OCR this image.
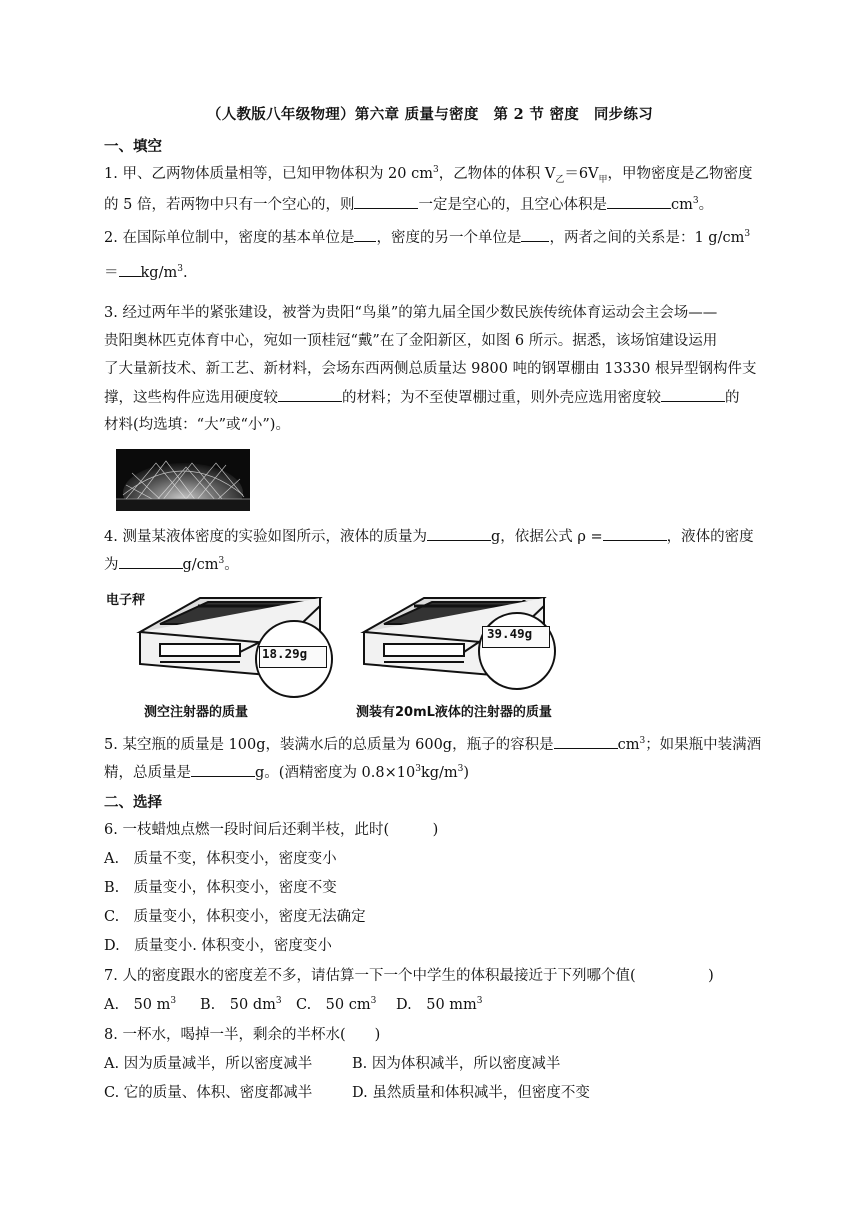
（人教版八年级物理）第六章 质量与密度　第 2 节 密度　同步练习
一、填空
1. 甲、乙两物体质量相等，已知甲物体积为 20 $cm^3$，乙物体的体积 $V_乙=6V_甲$，甲物密度是乙物密度
的 5 倍，若两物中只有一个空心的，则	一定是空心的，且空心体积是	$cm^3$。
2. 在国际单位制中，密度的基本单位是 ，密度的另一个单位是 ，两者之间的关系是：1 $g/cm^3$
＝ $kg/m^3$.
3. 经过两年半的紧张建设，被誉为贵阳“鸟巢”的第九届全国少数民族传统体育运动会主会场——
贵阳奥林匹克体育中心，宛如一顶桂冠“戴”在了金阳新区，如图 6 所示。据悉，该场馆建设运用
了大量新技术、新工艺、新材料，会场东西两侧总质量达 9800 吨的钢罩棚由 13330 根异型钢构件支
撑，这些构件应选用硬度较	的材料；为不至使罩棚过重，则外壳应选用密度较	的
材料(均选填：“大”或“小”)。
4. 测量某液体密度的实验如图所示，液体的质量为	g，依据公式 ρ =	，液体的密度
为	$g/cm^3$。
电子秤
18.29g
测空注射器的质量
39.49g
测装有20mL液体的注射器的质量
5. 某空瓶的质量是 100g，装满水后的总质量为 600g，瓶子的容积是	$cm^3$；如果瓶中装满酒
精，总质量是	g。(酒精密度为 $0.8\times 10^3kg/m^3$)
二、选择
6. 一枝蜡烛点燃一段时间后还剩半枝，此时(　　　)
A.　质量不变，体积变小，密度变小
B.　质量变小，体积变小，密度不变
C.　质量变小，体积变小，密度无法确定
D.　质量变小. 体积变小，密度变小
7. 人的密度跟水的密度差不多，请估算一下一个中学生的体积最接近于下列哪个值(　　　　　)
A.　50 $m^3$ B.　50 $dm^3$ C.　50 $cm^3$ D.　50 $mm^3$
8. 一杯水，喝掉一半，剩余的半杯水(　　)
A. 因为质量减半，所以密度减半	B. 因为体积减半，所以密度减半
C. 它的质量、体积、密度都减半	D. 虽然质量和体积减半，但密度不变
